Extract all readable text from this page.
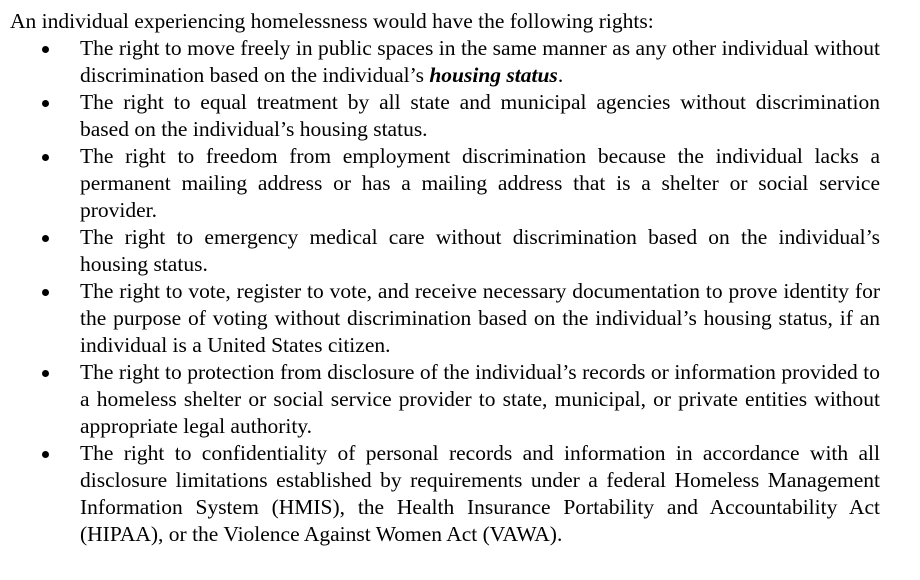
An individual experiencing homelessness would have the following rights:

The right to move freely in public spaces in the same manner as any other individual without discrimination based on the individual’s housing status.
The right to equal treatment by all state and municipal agencies without discrimination based on the individual’s housing status.
The right to freedom from employment discrimination because the individual lacks a permanent mailing address or has a mailing address that is a shelter or social service provider.
The right to emergency medical care without discrimination based on the individual’s housing status.
The right to vote, register to vote, and receive necessary documentation to prove identity for the purpose of voting without discrimination based on the individual’s housing status, if an individual is a United States citizen.
The right to protection from disclosure of the individual’s records or information provided to a homeless shelter or social service provider to state, municipal, or private entities without appropriate legal authority.
The right to confidentiality of personal records and information in accordance with all disclosure limitations established by requirements under a federal Homeless Management Information System (HMIS), the Health Insurance Portability and Accountability Act (HIPAA), or the Violence Against Women Act (VAWA).
